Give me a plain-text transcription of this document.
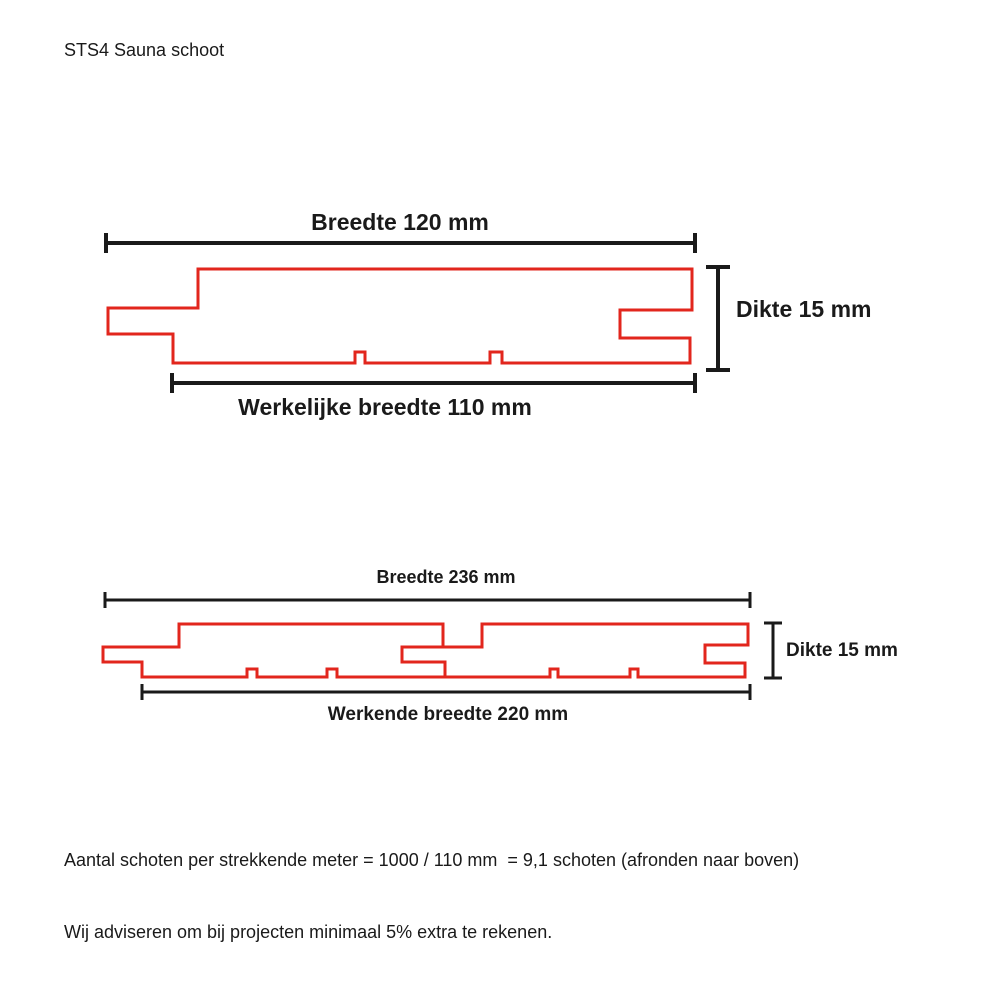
STS4 Sauna schoot
Breedte 120 mm
Dikte 15 mm
Werkelijke breedte 110 mm
Breedte 236 mm
Dikte 15 mm
Werkende breedte 220 mm
Aantal schoten per strekkende meter = 1000 / 110 mm  = 9,1 schoten (afronden naar boven)
Wij adviseren om bij projecten minimaal 5% extra te rekenen.
